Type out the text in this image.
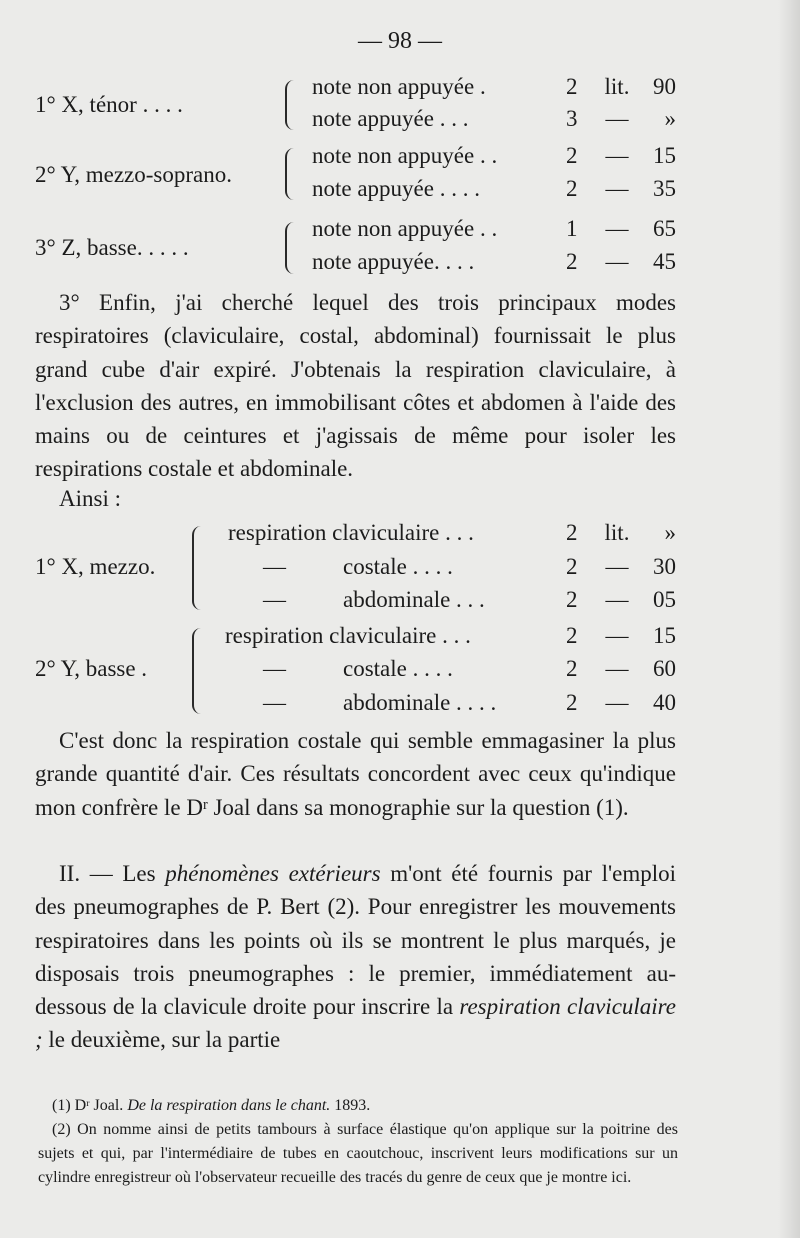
— 98 —
1° X, ténor . . . .
note non appuyée .	2 lit.	90
note appuyée . . .	3 —	»
2° Y, mezzo-soprano.
note non appuyée . .	2 —	15
note appuyée . . . .	2 —	35
3° Z, basse. . . . .
note non appuyée . .	1 —	65
note appuyée. . . .	2 —	45

3° Enfin, j'ai cherché lequel des trois principaux modes respiratoires (claviculaire, costal, abdominal) fournissait le plus grand cube d'air expiré. J'obtenais la respiration claviculaire, à l'exclusion des autres, en immobilisant côtes et abdomen à l'aide des mains ou de ceintures et j'agissais de même pour isoler les respirations costale et abdominale.

Ainsi :
1° X, mezzo.
respiration claviculaire . . .	2 lit.	»
— costale . . . .	2 —	30
— abdominale . . .	2 —	05
2° Y, basse .
respiration claviculaire . . .	2 —	15
— costale . . . .	2 —	60
— abdominale . . . .	2 —	40

C'est donc la respiration costale qui semble emmagasiner la plus grande quantité d'air. Ces résultats concordent avec ceux qu'indique mon confrère le $D^r$ Joal dans sa monographie sur la question (1).

II. — Les phénomènes extérieurs m'ont été fournis par l'emploi des pneumographes de P. Bert (2). Pour enregistrer les mouvements respiratoires dans les points où ils se montrent le plus marqués, je disposais trois pneumographes : le premier, immédiatement au-dessous de la clavicule droite pour inscrire la respiration claviculaire ; le deuxième, sur la partie

(1) $D^r$ Joal. De la respiration dans le chant. 1893.

(2) On nomme ainsi de petits tambours à surface élastique qu'on applique sur la poitrine des sujets et qui, par l'intermédiaire de tubes en caoutchouc, inscrivent leurs modifications sur un cylindre enregistreur où l'observateur recueille des tracés du genre de ceux que je montre ici.
